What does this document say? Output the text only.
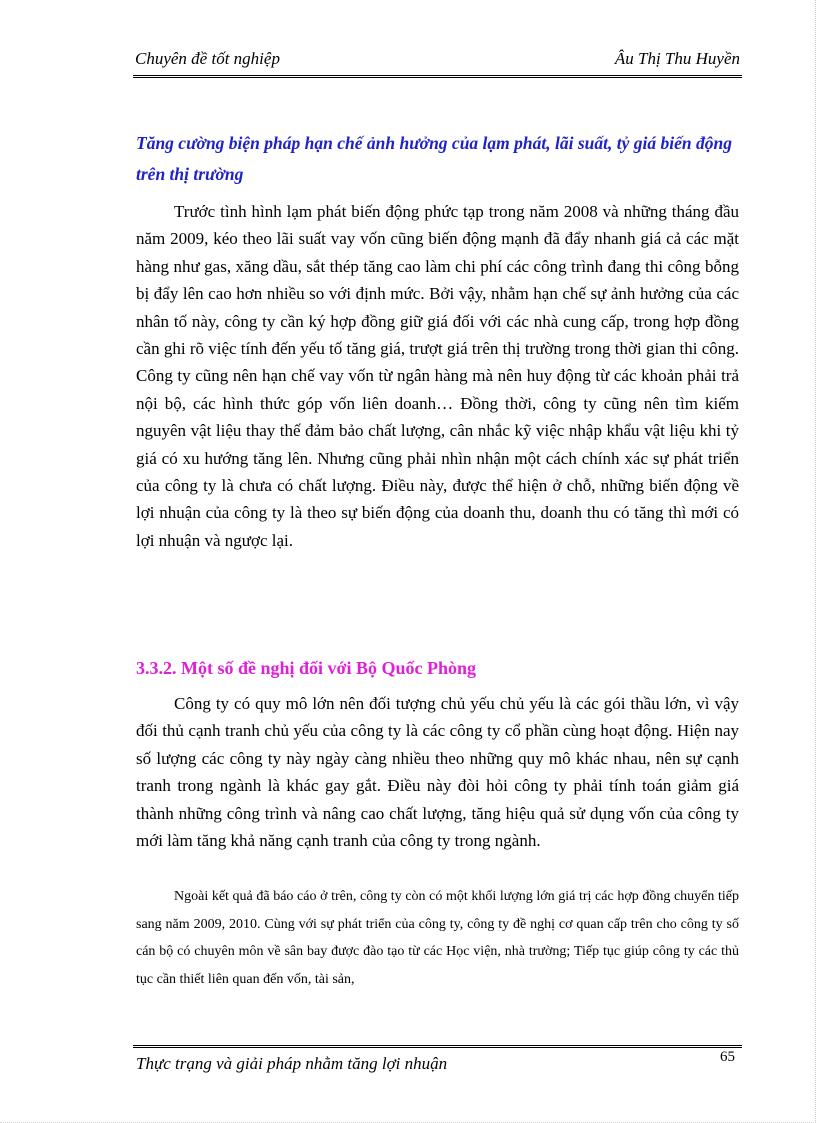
Chuyên đề tốt nghiệp	Âu Thị Thu Huyền
Tăng cường biện pháp hạn chế ảnh hưởng của lạm phát, lãi suất, tỷ giá biến động trên thị trường
Trước tình hình lạm phát biến động phức tạp trong năm 2008 và những tháng đầu năm 2009, kéo theo lãi suất vay vốn cũng biến động mạnh đã đẩy nhanh giá cả các mặt hàng như gas, xăng dầu, sắt thép tăng cao làm chi phí các công trình đang thi công bỗng bị đẩy lên cao hơn nhiều so với định mức. Bởi vậy, nhằm hạn chế sự ảnh hưởng của các nhân tố này, công ty cần ký hợp đồng giữ giá đối với các nhà cung cấp, trong hợp đồng cần ghi rõ việc tính đến yếu tố tăng giá, trượt giá trên thị trường trong thời gian thi công. Công ty cũng nên hạn chế vay vốn từ ngân hàng mà nên huy động từ các khoản phải trả nội bộ, các hình thức góp vốn liên doanh… Đồng thời, công ty cũng nên tìm kiếm nguyên vật liệu thay thế đảm bảo chất lượng, cân nhắc kỹ việc nhập khẩu vật liệu khi tỷ giá có xu hướng tăng lên. Nhưng cũng phải nhìn nhận một cách chính xác sự phát triển của công ty là chưa có chất lượng. Điều này, được thể hiện ở chỗ, những biến động về lợi nhuận của công ty là theo sự biến động của doanh thu, doanh thu có tăng thì mới có lợi nhuận và ngược lại.
3.3.2. Một số đề nghị đối với Bộ Quốc Phòng
Công ty có quy mô lớn nên đối tượng chủ yếu chủ yếu là các gói thầu lớn, vì vậy đối thủ cạnh tranh chủ yếu của công ty là các công ty cổ phần cùng hoạt động. Hiện nay số lượng các công ty này ngày càng nhiều theo những quy mô khác nhau, nên sự cạnh tranh trong ngành là khác gay gắt. Điều này đòi hỏi công ty phải tính toán giảm giá thành những công trình và nâng cao chất lượng, tăng hiệu quả sử dụng vốn của công ty mới làm tăng khả năng cạnh tranh của công ty trong ngành.
Ngoài kết quả đã báo cáo ở trên, công ty còn có một khối lượng lớn giá trị các hợp đồng chuyển tiếp sang năm 2009, 2010. Cùng với sự phát triển của công ty, công ty đề nghị cơ quan cấp trên cho công ty số cán bộ có chuyên môn về sân bay được đào tạo từ các Học viện, nhà trường; Tiếp tục giúp công ty các thủ tục cần thiết liên quan đến vốn, tài sản,
Thực trạng và giải pháp nhằm tăng lợi nhuận	65
